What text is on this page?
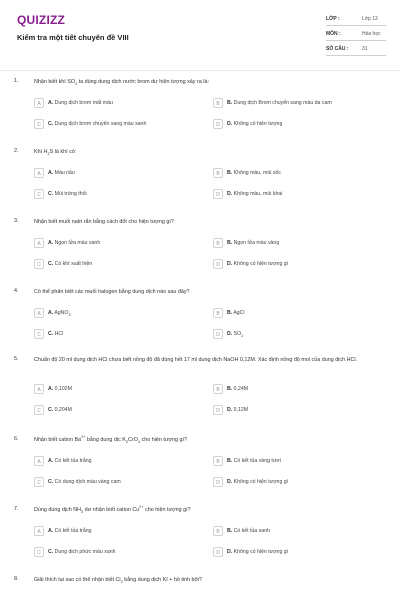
QUIZIZZ
Kiểm tra một tiết chuyên đề VIII
LỚP :	Lớp 12
MÔN :	Hóa học
SỐ CÂU :	31
1.	Nhận biết khí $SO_2$ ta dùng dung dịch nước brom dư hiện tượng xảy ra là:
A	A. Dung dịch brom mất màu	B	B. Dung dịch Brom chuyển sang màu da cam
C	C. Dung dịch brom chuyển sang màu xanh	D	D. Không có hiện tượng
2.	Khí $H_2S$ là khí có:
A	A. Màu nâu	B	B. Không màu, mùi sốc
C	C. Mùi trứng thối	D	D. Không màu, mùi khai
3.	Nhận biết muối natri rắn bằng cách đốt cho hiện tượng gì?
A	A. Ngọn lửa màu xanh	B	B. Ngọn lửa màu vàng
C	C. Có khí xuất hiện	D	D. Không có hiện tượng gì
4.	Có thể phân biệt các muối halogen bằng dung dịch nào sau đây?
A	A. AgNO$_3$	B	B. AgCl
C	C. HCl	D	D. $SO_2$
5.	Chuẩn độ 20 ml dung dịch HCl chưa biết nồng độ đã dùng hết 17 ml dung dịch NaOH 0,12M. Xác định nồng độ mol của dung dịch HCl.
A	A. 0,102M	B	B. 0,24M
C	C. 0,204M	D	D. 0,12M
6.	Nhận biết cation $Ba^{2+}$ bằng dung dịc $K_2CrO_4$ cho hiện tượng gì?
A	A. Có kết tủa trắng	B	B. Có kết tủa vàng tươi
C	C. Có dung dịch màu vàng cam	D	D. Không có hiện tượng gì
7.	Dùng dung dịch $NH_3$ dư nhận biết cation $Cu^{2+}$ cho hiện tượng gì?
A	A. Có kết tủa trắng	B	B. Có kết tủa xanh
C	C. Dung dịch phức màu xanh	D	D. Không có hiện tượng gì
8.	Giải thích tại sao có thể nhận biết $Cl_2$ bằng dung dịch KI + hồ tinh bột?
